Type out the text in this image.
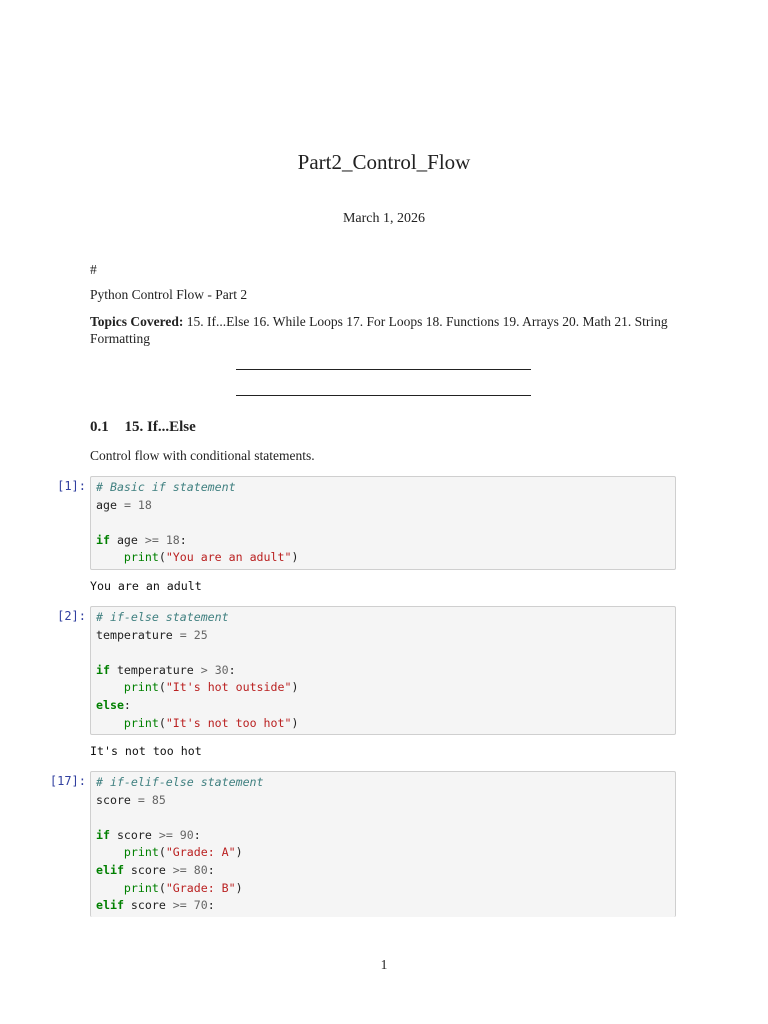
Part2_Control_Flow
March 1, 2026
#
Python Control Flow - Part 2
Topics Covered: 15. If...Else 16. While Loops 17. For Loops 18. Functions 19. Arrays 20. Math 21. String Formatting
0.1 15. If...Else
Control flow with conditional statements.
[1]: # Basic if statement
age = 18
if age >= 18:
print("You are an adult")
You are an adult
[2]: # if-else statement
temperature = 25
if temperature > 30:
print("It's hot outside")
else:
print("It's not too hot")
It's not too hot
[17]: # if-elif-else statement
score = 85
if score >= 90:
print("Grade: A")
elif score >= 80:
print("Grade: B")
elif score >= 70:
1
